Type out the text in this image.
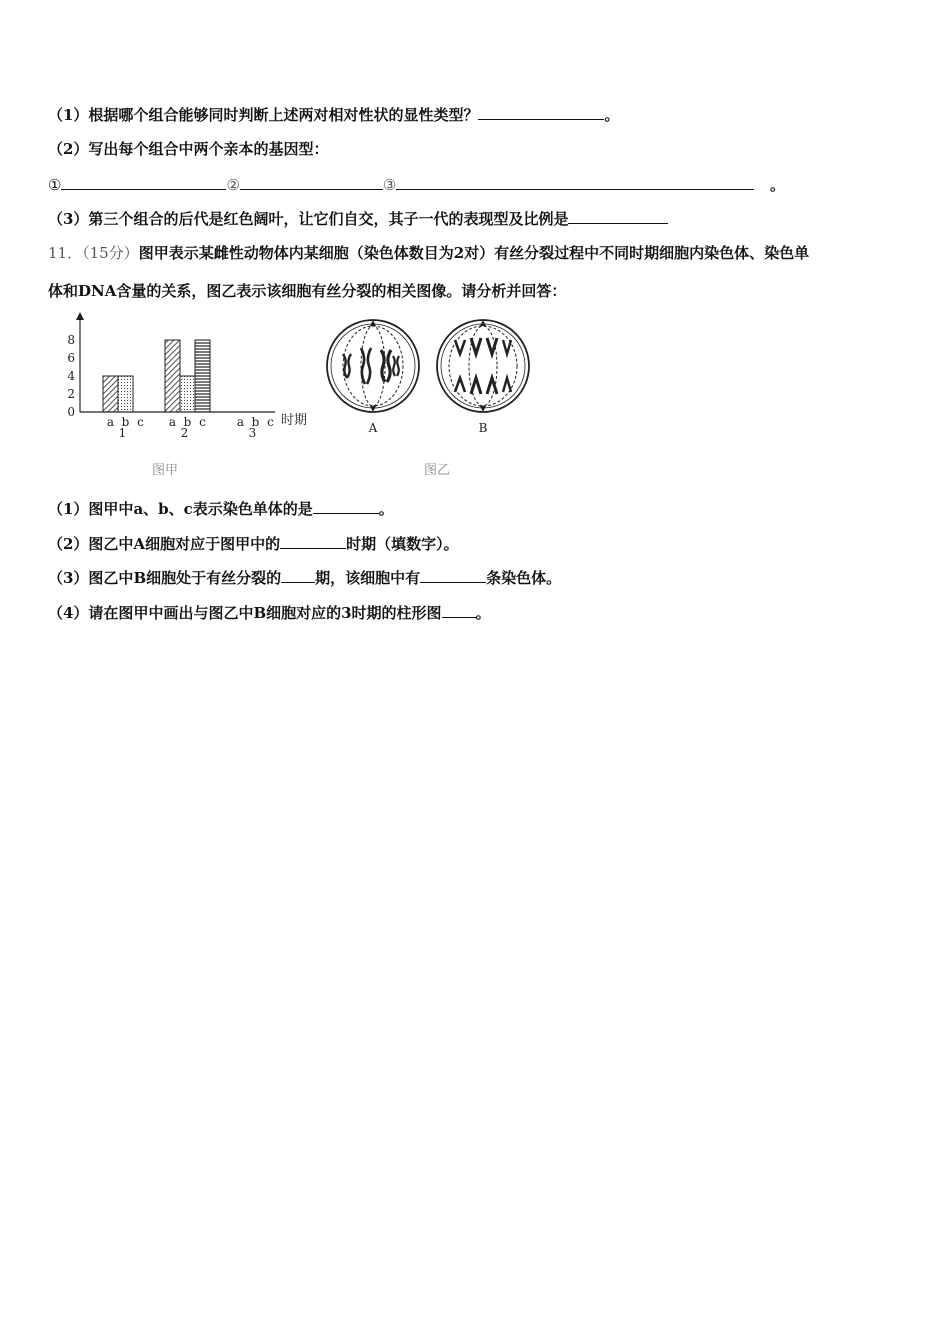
（1）根据哪个组合能够同时判断上述两对相对性状的显性类型？	。
（2）写出每个组合中两个亲本的基因型：
①	②	③	。
（3）第三个组合的后代是红色阔叶，让它们自交，其子一代的表现型及比例是
11．（15分）图甲表示某雌性动物体内某细胞（染色体数目为2对）有丝分裂过程中不同时期细胞内染色体、染色单
体和DNA含量的关系，图乙表示该细胞有丝分裂的相关图像。请分析并回答：
0
2
4
6
8
a b c
1
a b c
2
a b c
3
时期
图甲
A	B
图乙
（1）图甲中a、b、c表示染色单体的是	。
（2）图乙中A细胞对应于图甲中的	时期（填数字）。
（3）图乙中B细胞处于有丝分裂的 期，该细胞中有	条染色体。
（4）请在图甲中画出与图乙中B细胞对应的3时期的柱形图 。
